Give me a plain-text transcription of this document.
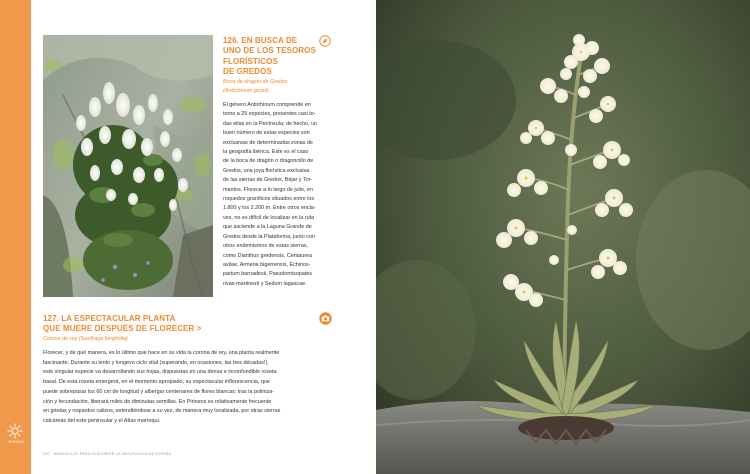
VERANO
126. EN BUSCA DE
UNO DE LOS TESOROS
FLORÍSTICOS
DE GREDOS
Boca de dragón de Gredos
(Antirrhinum grosii)
El género Antirrhinum comprende en
torno a 25 especies, presentes casi to-
das ellas en la Península; de hecho, un
buen número de estas especies son
exclusivas de determinadas zonas de
la geografía ibérica. Este es el caso
de la boca de dragón o dragoncillo de
Gredos, una joya florística exclusiva
de las sierras de Gredos, Béjar y Tor-
mantos. Florece a lo largo de julio, en
roquedos graníticos situados entre los
1.800 y los 2.200 m. Entre otros encla-
ves, no es difícil de localizar en la ruta
que asciende a la Laguna Grande de
Gredos desde la Plataforma, junto con
otros endemismos de estas sierras,
como Dianthus gredensis, Centaurea
avilae, Armeria bigerrensis, Echinos-
partum barnadesii, Pseudomisopates
rivas-martinezii y Sedum lagascae.
127. LA ESPECTACULAR PLANTA
QUE MUERE DESPUÉS DE FLORECER >
Corona de rey (Saxifraga longifolia)
Florecer, y de qué manera, es lo último que hace en su vida la corona de rey, una planta realmente
fascinante. Durante su lento y longevo ciclo vital (superando, en ocasiones, las tres décadas!),
este singular especie va desarrollando sus hojas, dispuestas en una densa e inconfundible roseta
basal. De esta roseta emergerá, en el momento apropiado, su espectacular inflorescencia, que
puede sobrepasar los 60 cm de longitud y albergar centenares de flores blancas; tras la poliniza-
ción y fecundación, liberará miles de diminutas semillas. En Pirineos es relativamente frecuente
en grietas y roquedos calizos, extendiéndose a su vez, de manera muy localizada, por otras sierras
calcáreas del este peninsular y el Atlas marroquí.
100 · MARAVILLAS PARA DESCUBRIR LA NATURALEZA DE ESPAÑA
